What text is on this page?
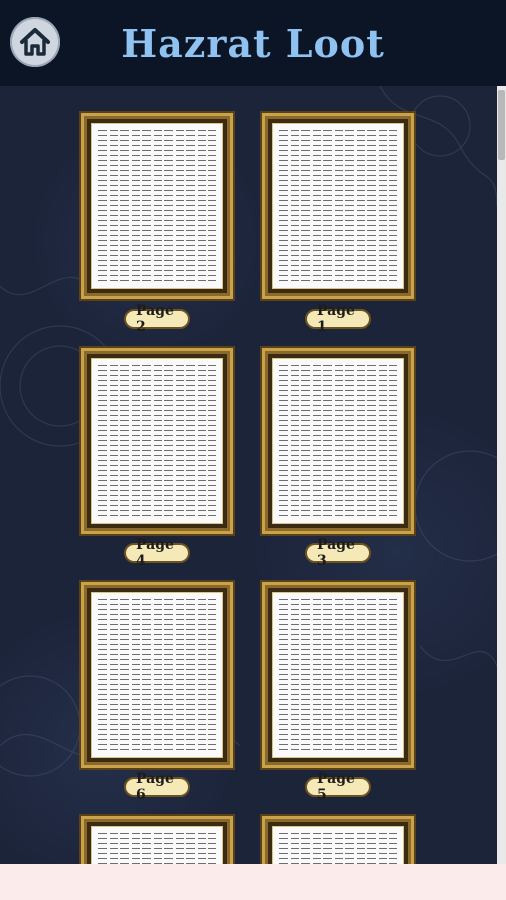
Hazrat Loot
Page 2
Page 1
Page 4
Page 3
Page 6
Page 5
